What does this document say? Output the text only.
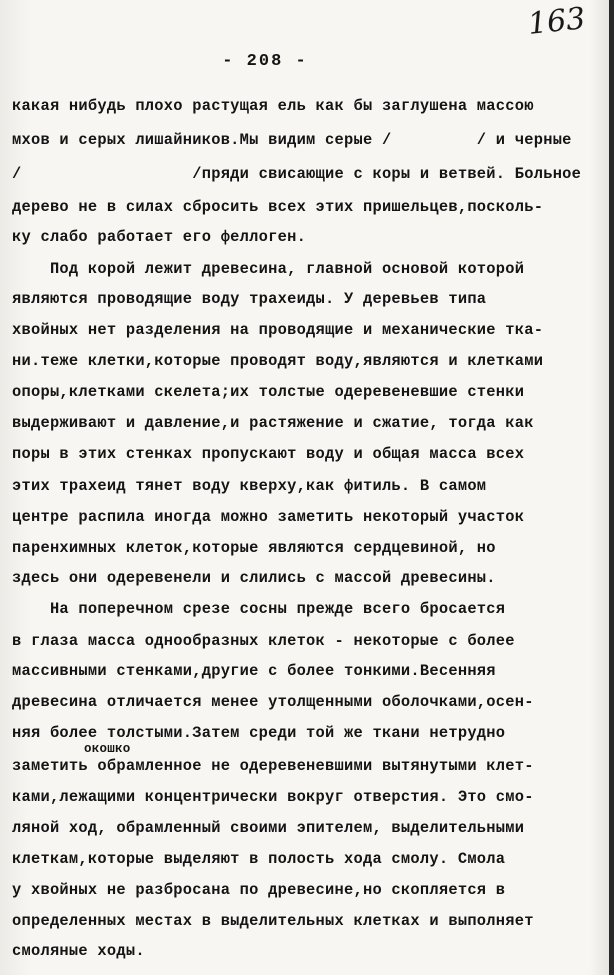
163
- 208 -
какая нибудь плохо растущая ель как бы заглушена массою
мхов и серых лишайников.Мы видим серые /         / и черные
/                  /пряди свисающие с коры и ветвей. Больное
дерево не в силах сбросить всех этих пришельцев,посколь-
ку слабо работает его феллоген.
Под корой лежит древесина, главной основой которой
являются проводящие воду трахеиды. У деревьев типа
хвойных нет разделения на проводящие и механические тка-
ни.теже клетки,которые проводят воду,являются и клетками
опоры,клетками скелета;их толстые одеревеневшие стенки
выдерживают и давление,и растяжение и сжатие, тогда как
поры в этих стенках пропускают воду и общая масса всех
этих трахеид тянет воду кверху,как фитиль. В самом
центре распила иногда можно заметить некоторый участок
паренхимных клеток,которые являются сердцевиной, но
здесь они одеревенели и слились с массой древесины.
На поперечном срезе сосны прежде всего бросается
в глаза масса однообразных клеток - некоторые с более
массивными стенками,другие с более тонкими.Весенняя
древесина отличается менее утолщенными оболочками,осен-
няя более толстыми.Затем среди той же ткани нетрудно
окошко
заметить обрамленное не одеревеневшими вытянутыми клет-
ками,лежащими концентрически вокруг отверстия. Это смо-
ляной ход, обрамленный своими эпителем, выделительными
клеткам,которые выделяют в полость хода смолу. Смола
у хвойных не разбросана по древесине,но скопляется в
определенных местах в выделительных клетках и выполняет
смоляные ходы.
